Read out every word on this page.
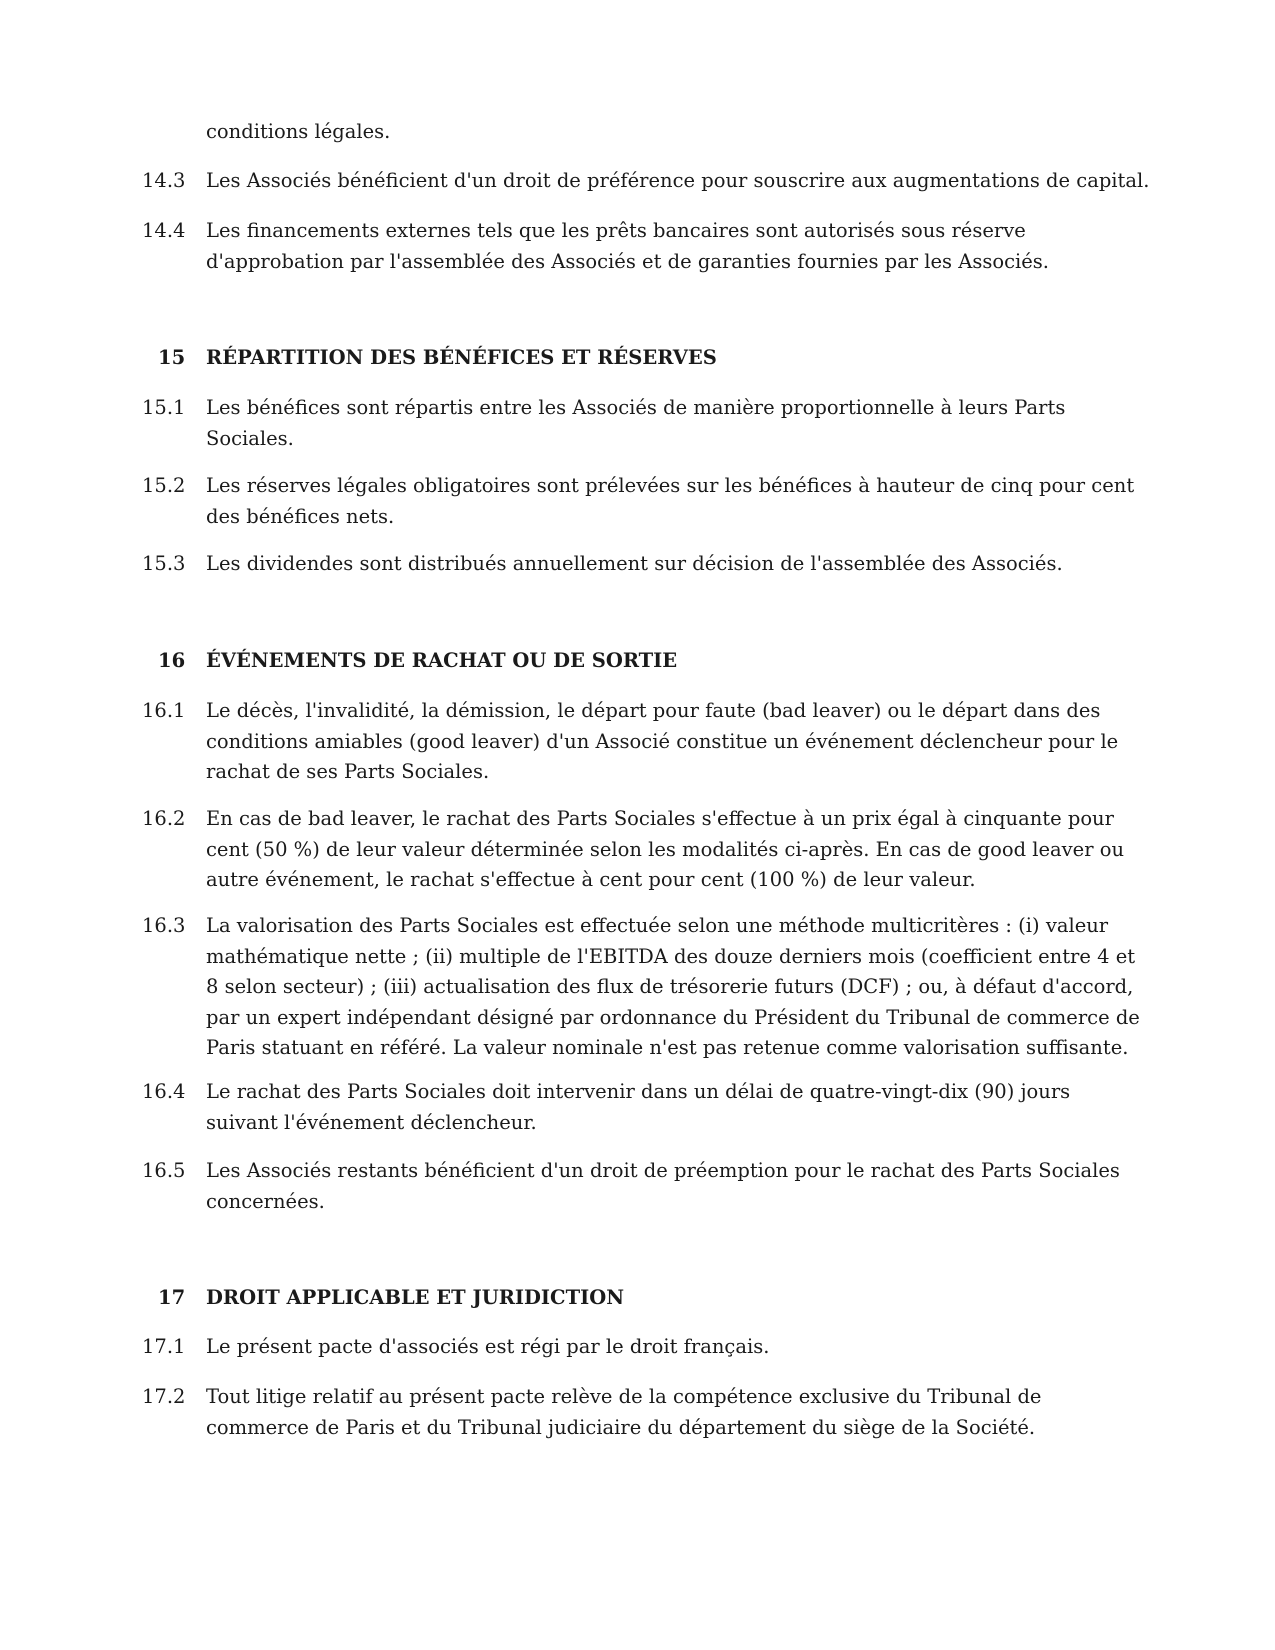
conditions légales.
14.3	Les Associés bénéficient d'un droit de préférence pour souscrire aux augmentations de capital.
14.4	Les financements externes tels que les prêts bancaires sont autorisés sous réserve
d'approbation par l'assemblée des Associés et de garanties fournies par les Associés.
15	RÉPARTITION DES BÉNÉFICES ET RÉSERVES
15.1	Les bénéfices sont répartis entre les Associés de manière proportionnelle à leurs Parts
Sociales.
15.2	Les réserves légales obligatoires sont prélevées sur les bénéfices à hauteur de cinq pour cent
des bénéfices nets.
15.3	Les dividendes sont distribués annuellement sur décision de l'assemblée des Associés.
16	ÉVÉNEMENTS DE RACHAT OU DE SORTIE
16.1	Le décès, l'invalidité, la démission, le départ pour faute (bad leaver) ou le départ dans des
conditions amiables (good leaver) d'un Associé constitue un événement déclencheur pour le
rachat de ses Parts Sociales.
16.2	En cas de bad leaver, le rachat des Parts Sociales s'effectue à un prix égal à cinquante pour
cent (50 %) de leur valeur déterminée selon les modalités ci-après. En cas de good leaver ou
autre événement, le rachat s'effectue à cent pour cent (100 %) de leur valeur.
16.3	La valorisation des Parts Sociales est effectuée selon une méthode multicritères : (i) valeur
mathématique nette ; (ii) multiple de l'EBITDA des douze derniers mois (coefficient entre 4 et
8 selon secteur) ; (iii) actualisation des flux de trésorerie futurs (DCF) ; ou, à défaut d'accord,
par un expert indépendant désigné par ordonnance du Président du Tribunal de commerce de
Paris statuant en référé. La valeur nominale n'est pas retenue comme valorisation suffisante.
16.4	Le rachat des Parts Sociales doit intervenir dans un délai de quatre-vingt-dix (90) jours
suivant l'événement déclencheur.
16.5	Les Associés restants bénéficient d'un droit de préemption pour le rachat des Parts Sociales
concernées.
17	DROIT APPLICABLE ET JURIDICTION
17.1	Le présent pacte d'associés est régi par le droit français.
17.2	Tout litige relatif au présent pacte relève de la compétence exclusive du Tribunal de
commerce de Paris et du Tribunal judiciaire du département du siège de la Société.
